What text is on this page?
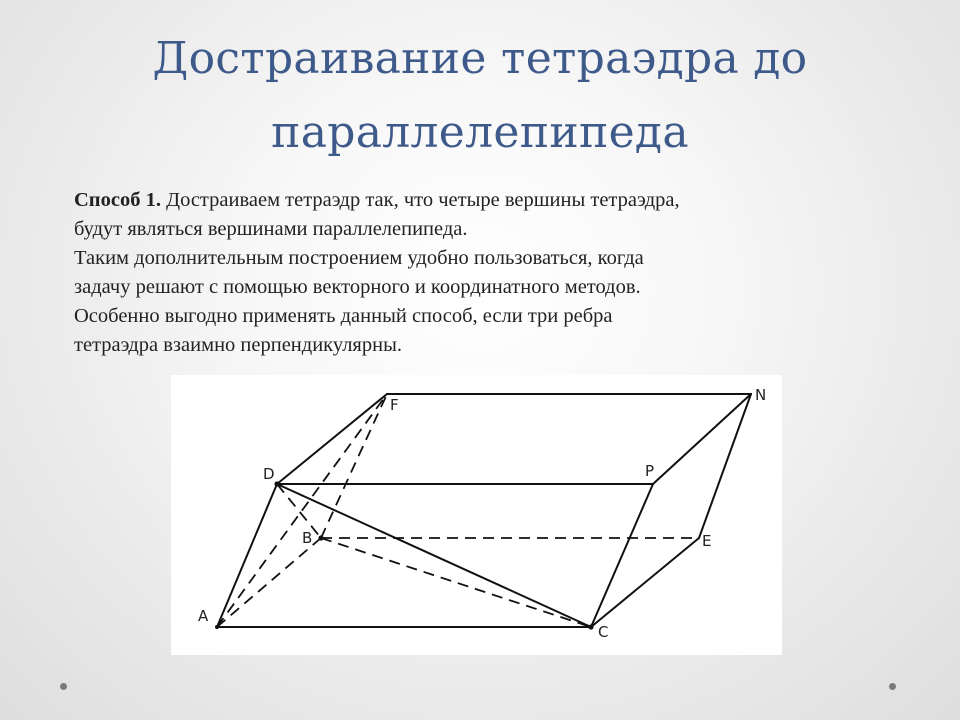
Достраивание тетраэдра до
параллелепипеда
Способ 1. Достраиваем тетраэдр так, что четыре вершины тетраэдра,
будут являться вершинами параллелепипеда.
Таким дополнительным построением удобно пользоваться, когда
задачу решают с помощью векторного и координатного методов.
Особенно выгодно применять данный способ, если три ребра
тетраэдра взаимно перпендикулярны.
F
N
D	P
B	E
A
C
